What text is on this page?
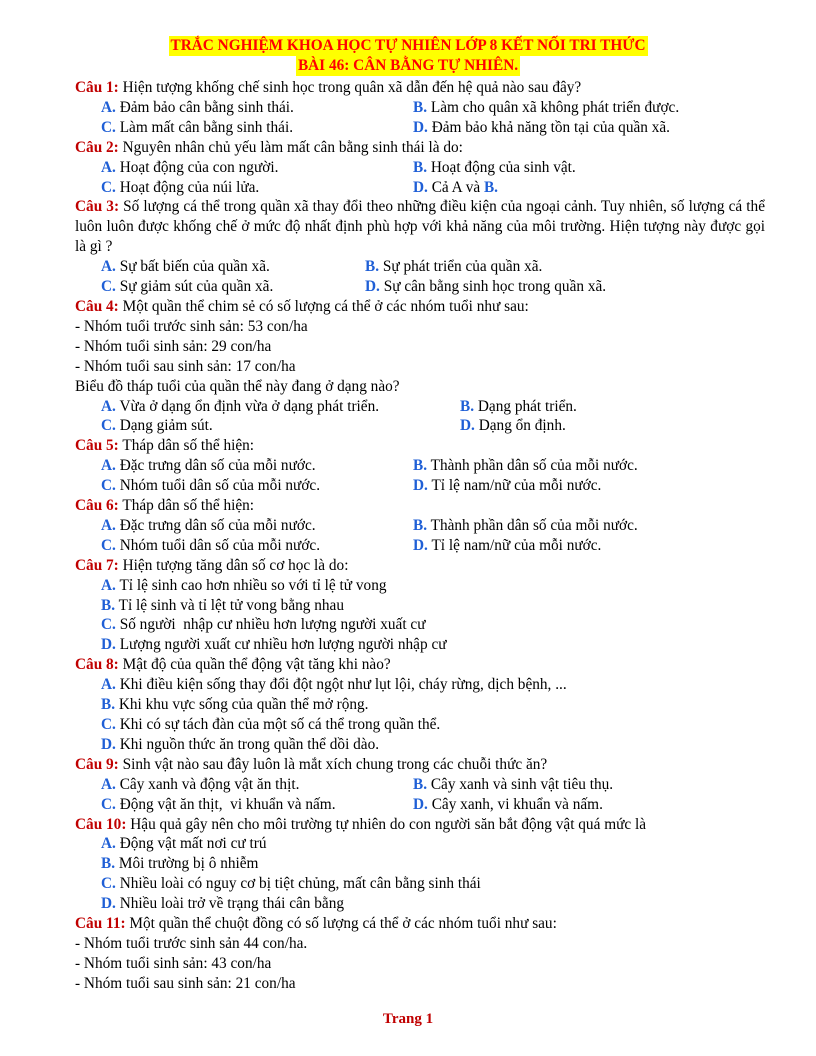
TRẮC NGHIỆM KHOA HỌC TỰ NHIÊN LỚP 8 KẾT NỐI TRI THỨC
BÀI 46: CÂN BẰNG TỰ NHIÊN.
Câu 1: Hiện tượng khống chế sinh học trong quân xã dẫn đến hệ quả nào sau đây?
A. Đảm bảo cân bằng sinh thái.	B. Làm cho quân xã không phát triển được.
C. Làm mất cân bằng sinh thái.	D. Đảm bảo khả năng tồn tại của quần xã.
Câu 2: Nguyên nhân chủ yếu làm mất cân bằng sinh thái là do:
A. Hoạt động của con người.	B. Hoạt động của sinh vật.
C. Hoạt động của núi lửa.	D. Cả A và B.
Câu 3: Số lượng cá thể trong quần xã thay đổi theo những điều kiện của ngoại cảnh. Tuy nhiên, số lượng cá thể luôn luôn được khống chế ở mức độ nhất định phù hợp với khả năng của môi trường. Hiện tượng này được gọi là gì ?
A. Sự bất biến của quần xã.	B. Sự phát triển của quần xã.
C. Sự giảm sút của quần xã.	D. Sự cân bằng sinh học trong quần xã.
Câu 4: Một quần thể chim sẻ có số lượng cá thể ở các nhóm tuổi như sau:
- Nhóm tuổi trước sinh sản: 53 con/ha
- Nhóm tuổi sinh sản: 29 con/ha
- Nhóm tuổi sau sinh sản: 17 con/ha
Biểu đồ tháp tuổi của quần thể này đang ở dạng nào?
A. Vừa ở dạng ổn định vừa ở dạng phát triển.	B. Dạng phát triển.
C. Dạng giảm sút.	D. Dạng ổn định.
Câu 5: Tháp dân số thể hiện:
A. Đặc trưng dân số của mỗi nước.	B. Thành phần dân số của mỗi nước.
C. Nhóm tuổi dân số của mỗi nước.	D. Tỉ lệ nam/nữ của mỗi nước.
Câu 6: Tháp dân số thể hiện:
A. Đặc trưng dân số của mỗi nước.	B. Thành phần dân số của mỗi nước.
C. Nhóm tuổi dân số của mỗi nước.	D. Tỉ lệ nam/nữ của mỗi nước.
Câu 7: Hiện tượng tăng dân số cơ học là do:
A. Tỉ lệ sinh cao hơn nhiều so với tỉ lệ tử vong
B. Tỉ lệ sinh và tỉ lệt tử vong bằng nhau
C. Số người  nhập cư nhiều hơn lượng người xuất cư
D. Lượng người xuất cư nhiều hơn lượng người nhập cư
Câu 8: Mật độ của quần thể động vật tăng khi nào?
A. Khi điều kiện sống thay đổi đột ngột như lụt lội, cháy rừng, dịch bệnh, ...
B. Khi khu vực sống của quần thể mở rộng.
C. Khi có sự tách đàn của một số cá thể trong quần thể.
D. Khi nguồn thức ăn trong quần thể dồi dào.
Câu 9: Sinh vật nào sau đây luôn là mắt xích chung trong các chuỗi thức ăn?
A. Cây xanh và động vật ăn thịt.	B. Cây xanh và sinh vật tiêu thụ.
C. Động vật ăn thịt,  vi khuẩn và nấm.	D. Cây xanh, vi khuẩn và nấm.
Câu 10: Hậu quả gây nên cho môi trường tự nhiên do con người săn bắt động vật quá mức là
A. Động vật mất nơi cư trú
B. Môi trường bị ô nhiễm
C. Nhiều loài có nguy cơ bị tiệt chủng, mất cân bằng sinh thái
D. Nhiều loài trở về trạng thái cân bằng
Câu 11: Một quần thể chuột đồng có số lượng cá thể ở các nhóm tuổi như sau:
- Nhóm tuổi trước sinh sản 44 con/ha.
- Nhóm tuổi sinh sản: 43 con/ha
- Nhóm tuổi sau sinh sản: 21 con/ha
Trang 1
